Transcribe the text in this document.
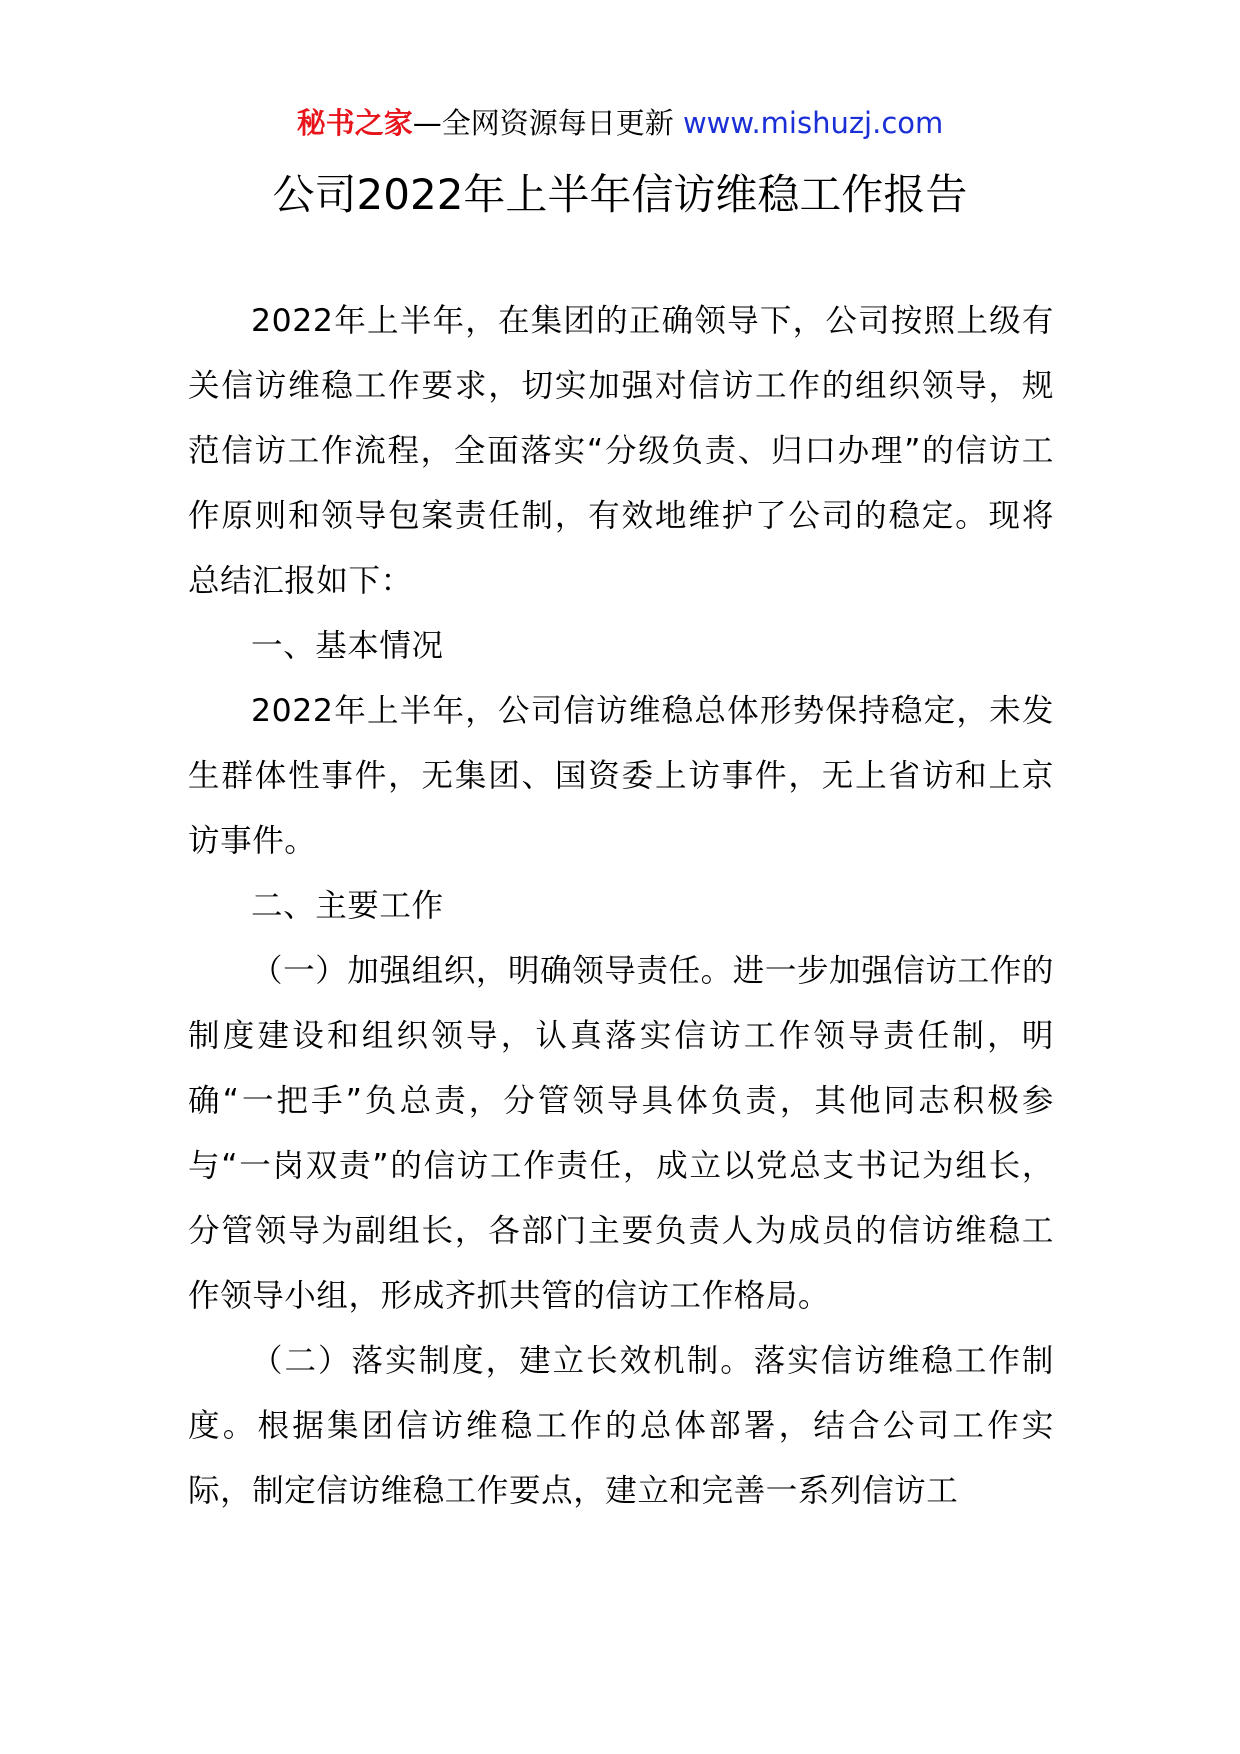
秘书之家—全网资源每日更新 www.mishuzj.com
公司2022年上半年信访维稳工作报告

2022年上半年，在集团的正确领导下，公司按照上级有关信访维稳工作要求，切实加强对信访工作的组织领导，规范信访工作流程，全面落实“分级负责、归口办理”的信访工作原则和领导包案责任制，有效地维护了公司的稳定。现将总结汇报如下：

一、基本情况

2022年上半年，公司信访维稳总体形势保持稳定，未发生群体性事件，无集团、国资委上访事件，无上省访和上京访事件。

二、主要工作

（一）加强组织，明确领导责任。进一步加强信访工作的制度建设和组织领导，认真落实信访工作领导责任制，明确“一把手”负总责，分管领导具体负责，其他同志积极参与“一岗双责”的信访工作责任，成立以党总支书记为组长，分管领导为副组长，各部门主要负责人为成员的信访维稳工作领导小组，形成齐抓共管的信访工作格局。

（二）落实制度，建立长效机制。落实信访维稳工作制度。根据集团信访维稳工作的总体部署，结合公司工作实际，制定信访维稳工作要点，建立和完善一系列信访工
